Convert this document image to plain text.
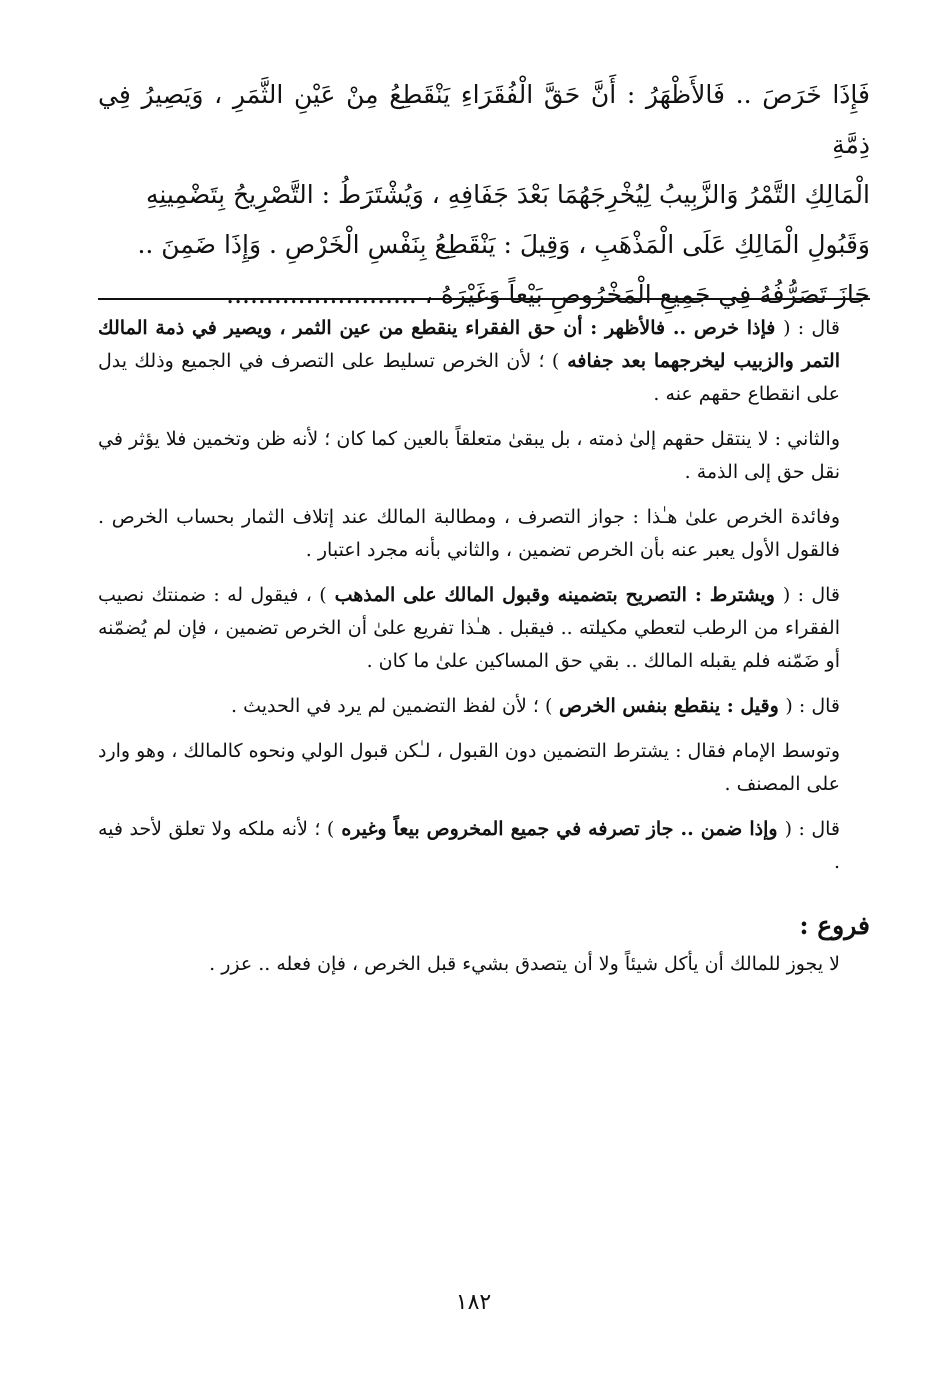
فَإِذَا خَرَصَ .. فَالأَظْهَرُ : أَنَّ حَقَّ الْفُقَرَاءِ يَنْقَطِعُ مِنْ عَيْنِ الثَّمَرِ ، وَيَصِيرُ فِي ذِمَّةِ

الْمَالِكِ التَّمْرُ وَالزَّبِيبُ لِيُخْرِجَهُمَا بَعْدَ جَفَافِهِ ، وَيُشْتَرَطُ : التَّصْرِيحُ بِتَضْمِينِهِ

وَقَبُولِ الْمَالِكِ عَلَى الْمَذْهَبِ ، وَقِيلَ : يَنْقَطِعُ بِنَفْسِ الْخَرْصِ . وَإِذَا ضَمِنَ ..

جَازَ تَصَرُّفُهُ فِي جَمِيعِ الْمَخْرُوصِ بَيْعاً وَغَيْرَهُ ، ........................

قال : ( فإذا خرص .. فالأظهر : أن حق الفقراء ينقطع من عين الثمر ، ويصير في ذمة المالك التمر والزبيب ليخرجهما بعد جفافه ) ؛ لأن الخرص تسليط على التصرف في الجميع وذلك يدل على انقطاع حقهم عنه .

والثاني : لا ينتقل حقهم إلىٰ ذمته ، بل يبقىٰ متعلقاً بالعين كما كان ؛ لأنه ظن وتخمين فلا يؤثر في نقل حق إلى الذمة .

وفائدة الخرص علىٰ هـٰذا : جواز التصرف ، ومطالبة المالك عند إتلاف الثمار بحساب الخرص . فالقول الأول يعبر عنه بأن الخرص تضمين ، والثاني بأنه مجرد اعتبار .

قال : ( ويشترط : التصريح بتضمينه وقبول المالك على المذهب ) ، فيقول له : ضمنتك نصيب الفقراء من الرطب لتعطي مكيلته .. فيقبل . هـٰذا تفريع علىٰ أن الخرص تضمين ، فإن لم يُضمّنه أو ضَمّنه فلم يقبله المالك .. بقي حق المساكين علىٰ ما كان .

قال : ( وقيل : ينقطع بنفس الخرص ) ؛ لأن لفظ التضمين لم يرد في الحديث .

وتوسط الإمام فقال : يشترط التضمين دون القبول ، لـٰكن قبول الولي ونحوه كالمالك ، وهو وارد على المصنف .

قال : ( وإذا ضمن .. جاز تصرفه في جميع المخروص بيعاً وغيره ) ؛ لأنه ملكه ولا تعلق لأحد فيه .

فروع :

لا يجوز للمالك أن يأكل شيئاً ولا أن يتصدق بشيء قبل الخرص ، فإن فعله .. عزر .

١٨٢
